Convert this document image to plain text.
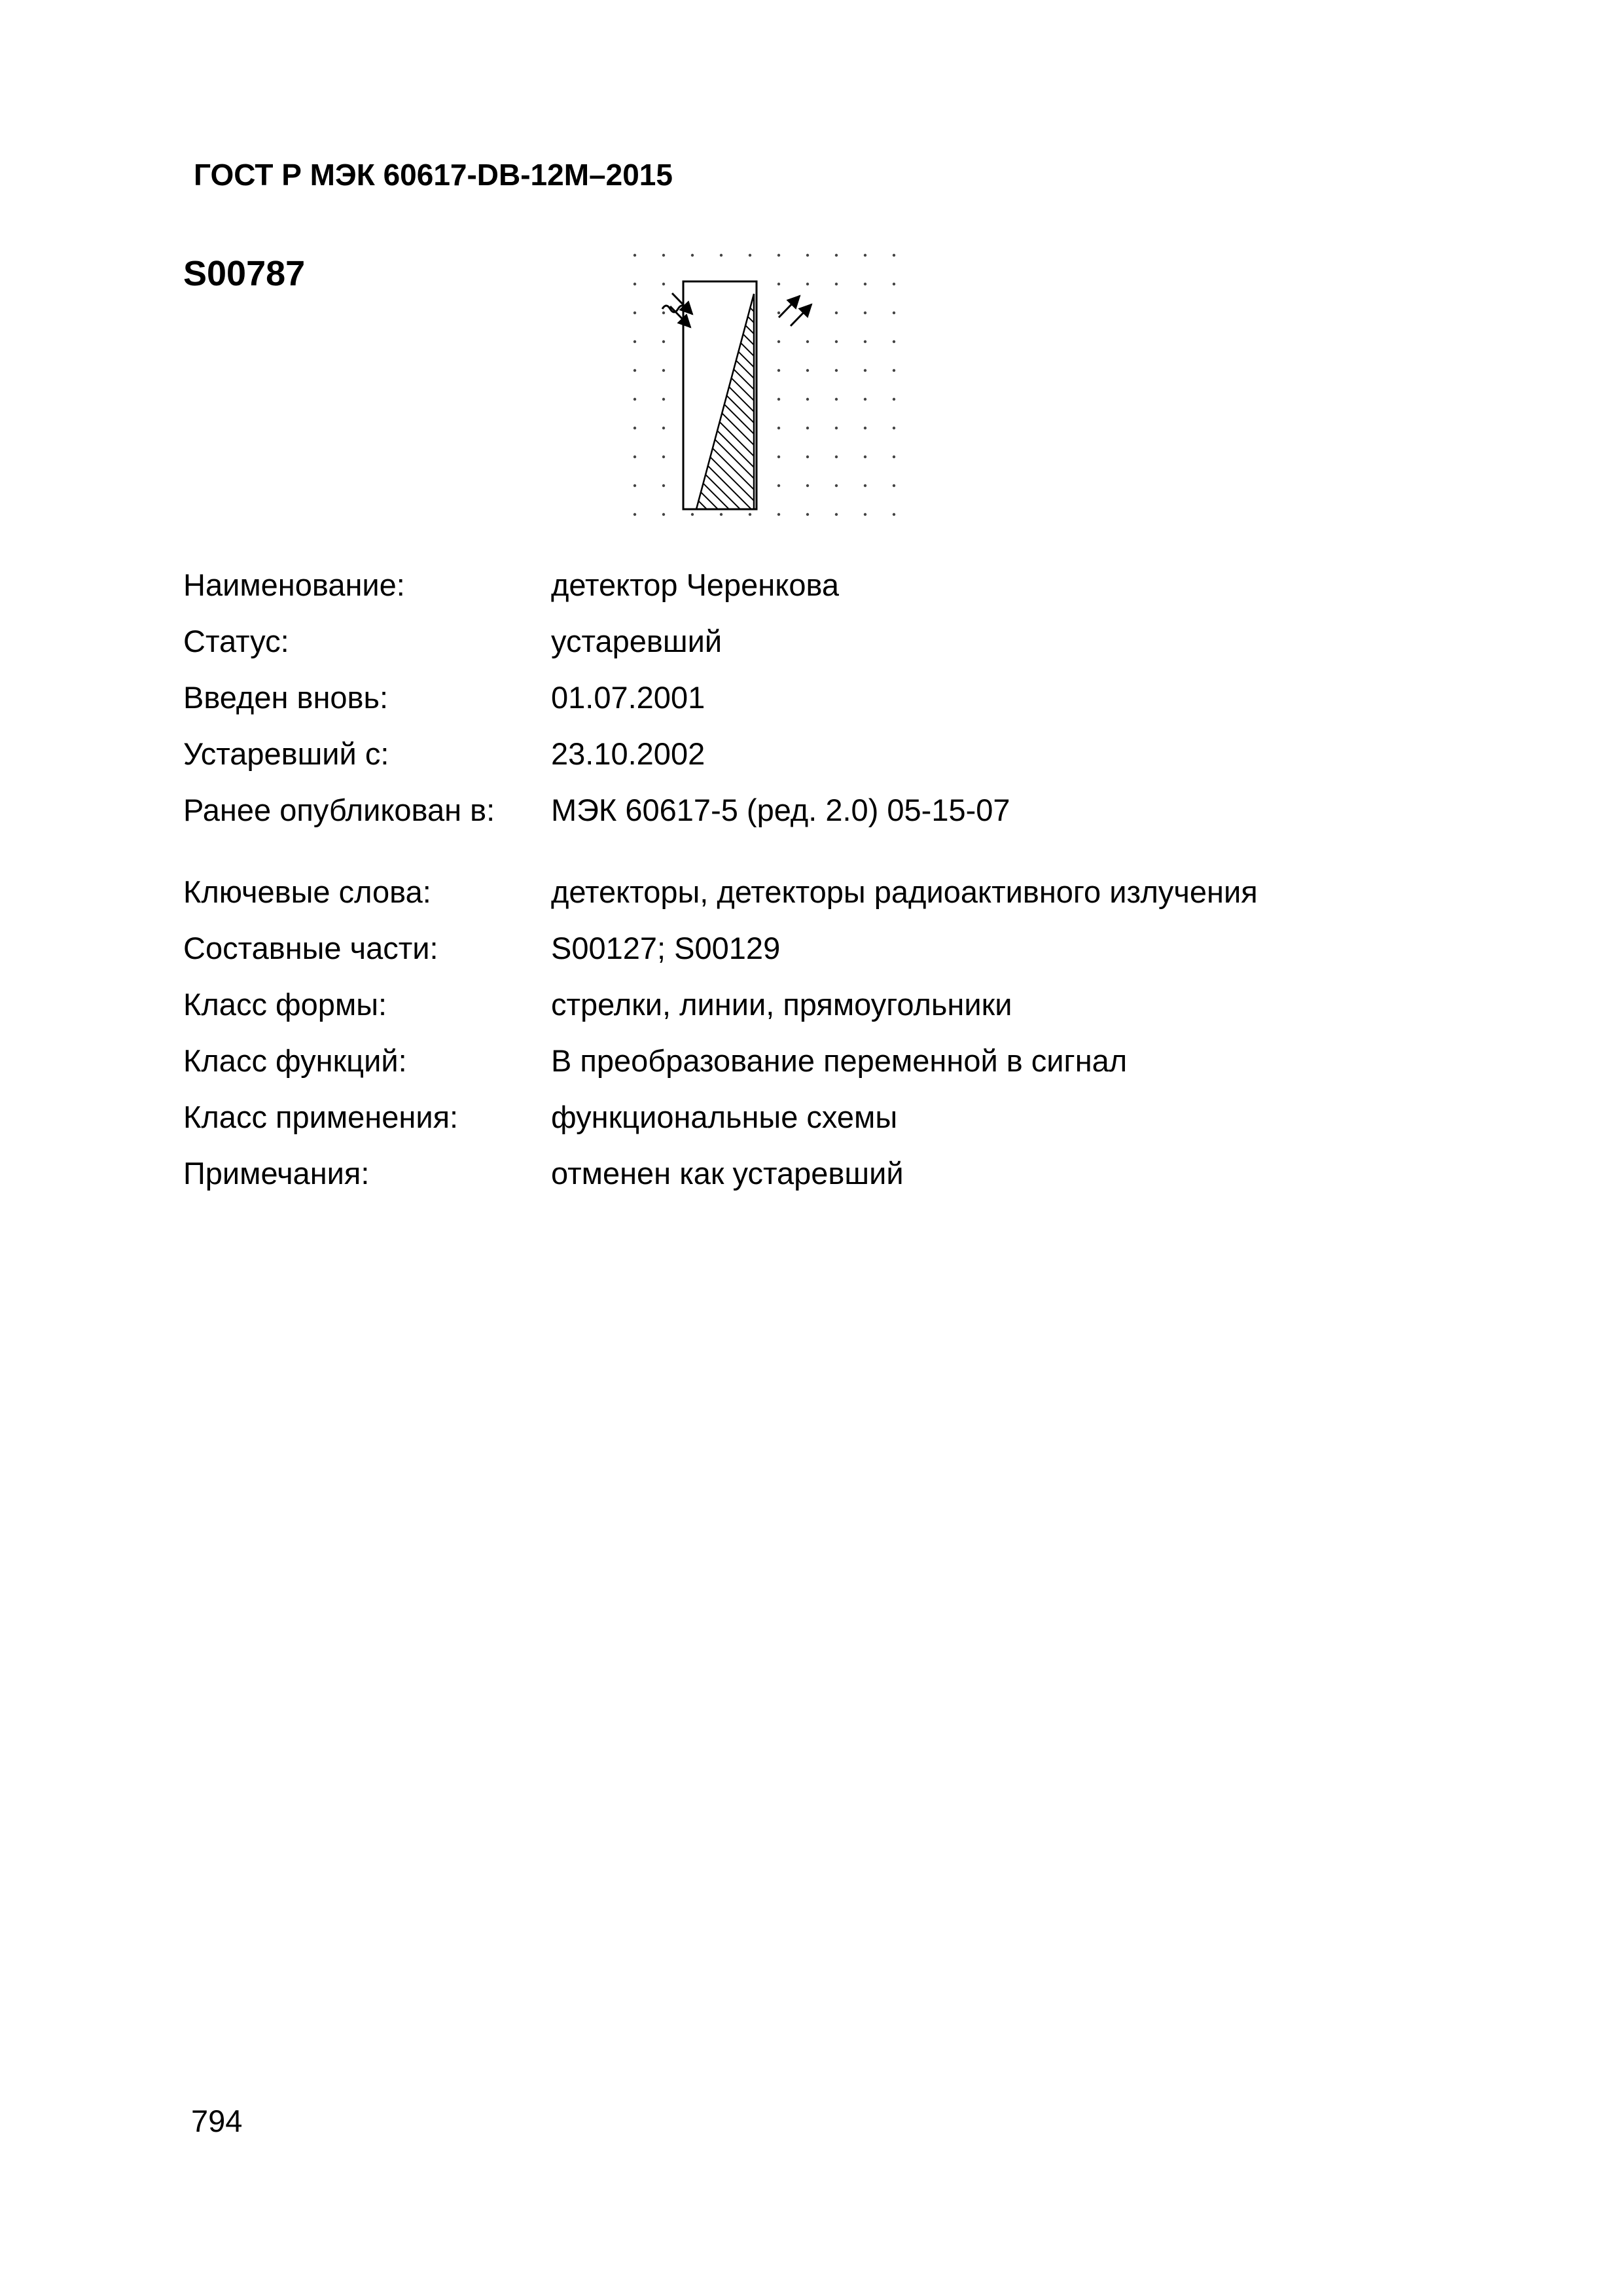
ГОСТ Р МЭК 60617-DB-12M–2015
S00787
Наименование:	детектор Черенкова
Статус:	устаревший
Введен вновь:	01.07.2001
Устаревший с:	23.10.2002
Ранее опубликован в:	МЭК 60617-5 (ред. 2.0) 05-15-07
Ключевые слова:	детекторы, детекторы радиоактивного излучения
Составные части:	S00127; S00129
Класс формы:	стрелки, линии, прямоугольники
Класс функций:	В преобразование переменной в сигнал
Класс применения:	функциональные схемы
Примечания:	отменен как устаревший
794
